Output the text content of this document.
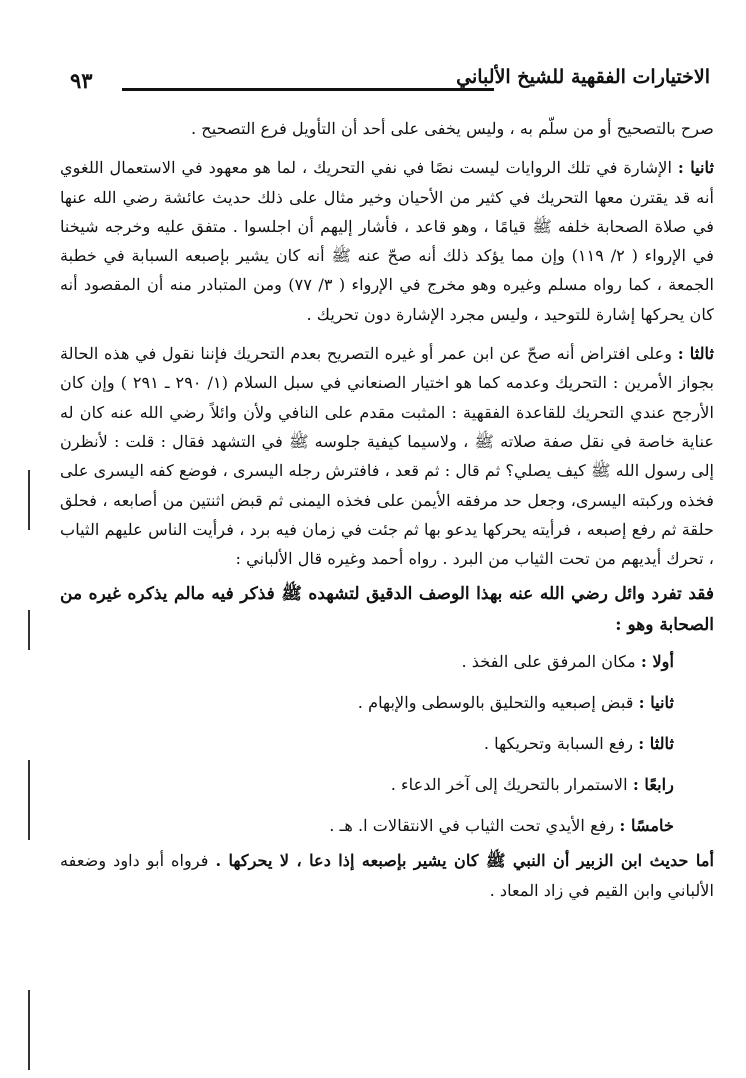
الاختيارات الفقهية للشيخ الألباني
٩٣

صرح بالتصحيح أو من سلّم به ، وليس يخفى على أحد أن التأويل فرع التصحيح .

ثانيا : الإشارة في تلك الروايات ليست نصًا في نفي التحريك ، لما هو معهود في الاستعمال اللغوي أنه قد يقترن معها التحريك في كثير من الأحيان وخير مثال على ذلك حديث عائشة رضي الله عنها في صلاة الصحابة خلفه ﷺ قيامًا ، وهو قاعد ، فأشار إليهم أن اجلسوا . متفق عليه وخرجه شيخنا في الإرواء ( ٢/ ١١٩) وإن مما يؤكد ذلك أنه صحّ عنه ﷺ أنه كان يشير بإصبعه السبابة في خطبة الجمعة ، كما رواه مسلم وغيره وهو مخرج في الإرواء ( ٣/ ٧٧) ومن المتبادر منه أن المقصود أنه كان يحركها إشارة للتوحيد ، وليس مجرد الإشارة دون تحريك .

ثالثا : وعلى افتراض أنه صحّ عن ابن عمر أو غيره التصريح بعدم التحريك فإننا نقول في هذه الحالة بجواز الأمرين : التحريك وعدمه كما هو اختيار الصنعاني في سبل السلام (١/ ٢٩٠ ـ ٢٩١ ) وإن كان الأرجح عندي التحريك للقاعدة الفقهية : المثبت مقدم على النافي ولأن وائلاً رضي الله عنه كان له عناية خاصة في نقل صفة صلاته ﷺ ، ولاسيما كيفية جلوسه ﷺ في التشهد فقال : قلت : لأنظرن إلى رسول الله ﷺ كيف يصلي؟ ثم قال : ثم قعد ، فافترش رجله اليسرى ، فوضع كفه اليسرى على فخذه وركبته اليسرى، وجعل حد مرفقه الأيمن على فخذه اليمنى ثم قبض اثنتين من أصابعه ، فحلق حلقة ثم رفع إصبعه ، فرأيته يحركها يدعو بها ثم جئت في زمان فيه برد ، فرأيت الناس عليهم الثياب ، تحرك أيديهم من تحت الثياب من البرد . رواه أحمد وغيره قال الألباني :

فقد تفرد وائل رضي الله عنه بهذا الوصف الدقيق لتشهده ﷺ فذكر فيه مالم يذكره غيره من الصحابة وهو :

أولا : مكان المرفق على الفخذ .

ثانيا : قبض إصبعيه والتحليق بالوسطى والإبهام .

ثالثا : رفع السبابة وتحريكها .

رابعًا : الاستمرار بالتحريك إلى آخر الدعاء .

خامسًا : رفع الأيدي تحت الثياب في الانتقالات ا. هـ .

أما حديث ابن الزبير أن النبي ﷺ كان يشير بإصبعه إذا دعا ، لا يحركها . فرواه أبو داود وضعفه الألباني وابن القيم في زاد المعاد .
